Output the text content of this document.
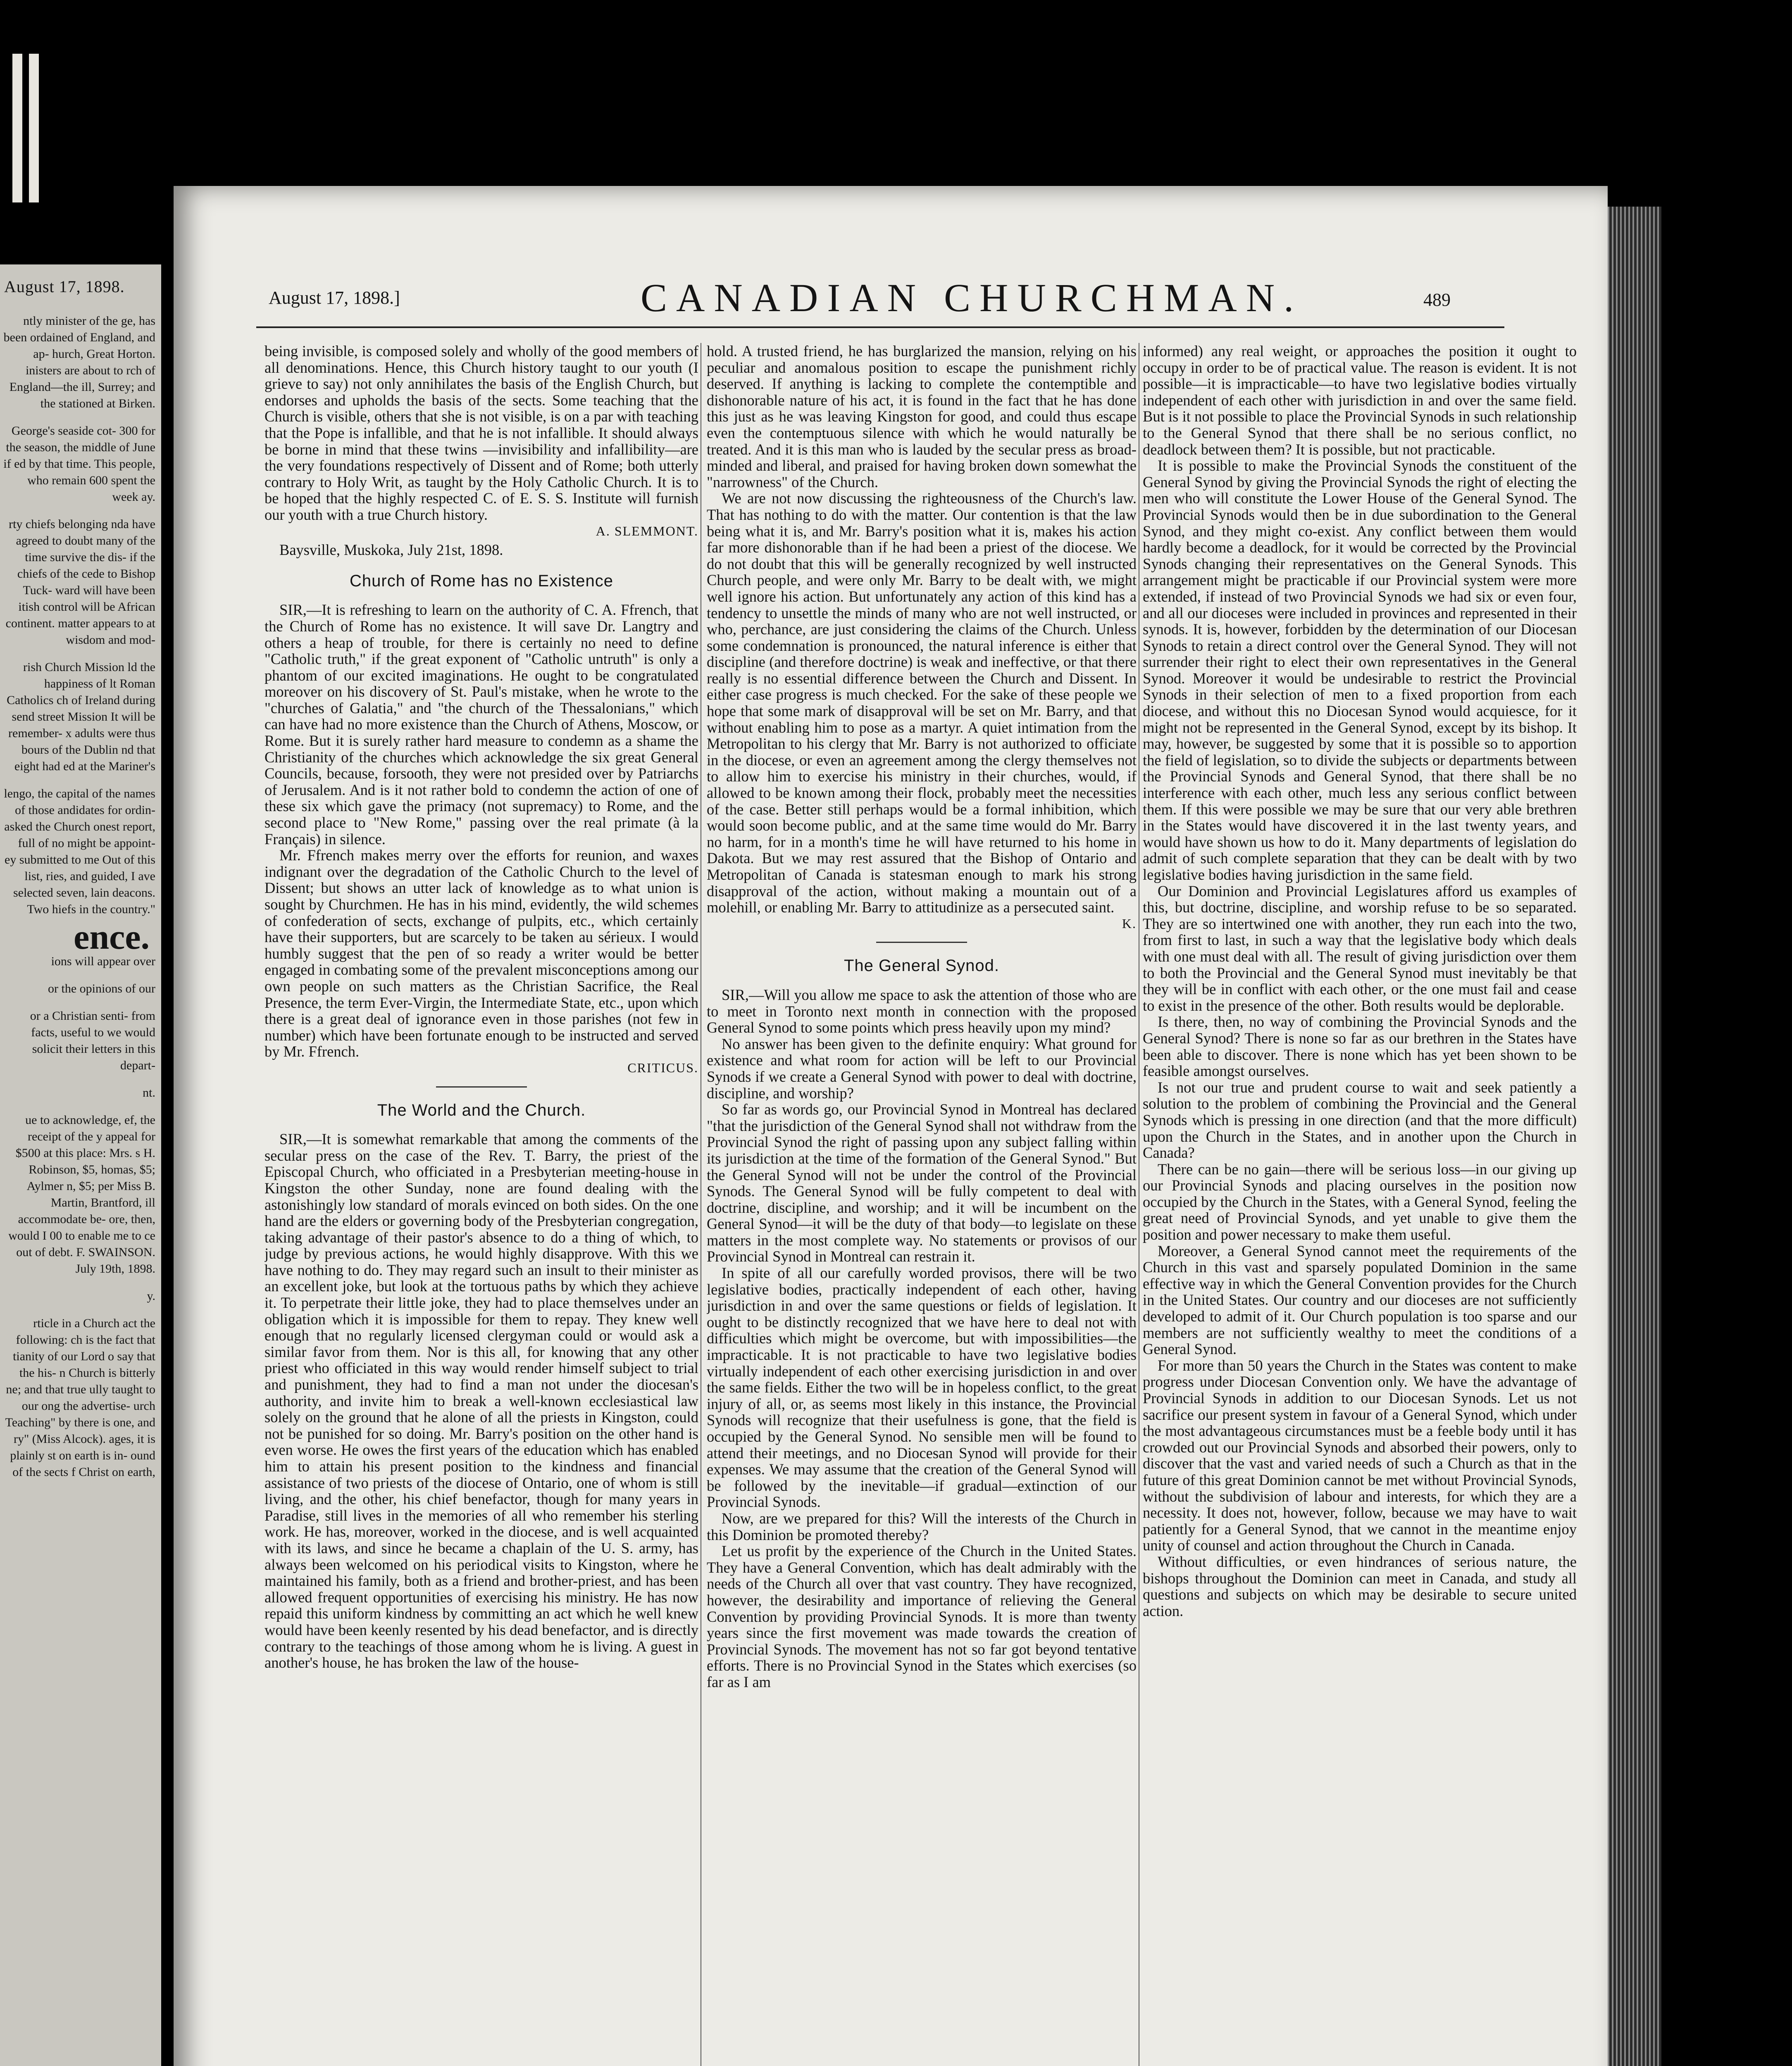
August 17, 1898.

ntly minister of the ge, has been ordained of England, and ap- hurch, Great Horton. inisters are about to rch of England—the ill, Surrey; and the stationed at Birken.

George's seaside cot- 300 for the season, the middle of June if ed by that time. This people, who remain 600 spent the week ay.

rty chiefs belonging nda have agreed to doubt many of the time survive the dis- if the chiefs of the cede to Bishop Tuck- ward will have been itish control will be African continent. matter appears to at wisdom and mod-

rish Church Mission ld the happiness of lt Roman Catholics ch of Ireland during send street Mission It will be remember- x adults were thus bours of the Dublin nd that eight had ed at the Mariner's

lengo, the capital of the names of those andidates for ordin- asked the Church onest report, full of no might be appoint- ey submitted to me Out of this list, ries, and guided, I ave selected seven, lain deacons. Two hiefs in the country."

ence.

ions will appear over

or the opinions of our

or a Christian senti- from facts, useful to we would solicit their letters in this depart-

nt.

ue to acknowledge, ef, the receipt of the y appeal for $500 at this place: Mrs. s H. Robinson, $5, homas, $5; Aylmer n, $5; per Miss B. Martin, Brantford, ill accommodate be- ore, then, would I 00 to enable me to ce out of debt. F. SWAINSON. July 19th, 1898.

y.

rticle in a Church act the following: ch is the fact that tianity of our Lord o say that the his- n Church is bitterly ne; and that true ully taught to our ong the advertise- urch Teaching" by there is one, and ry" (Miss Alcock). ages, it is plainly st on earth is in- ound of the sects f Christ on earth,

August 17, 1898.]	CANADIAN CHURCHMAN.	489

being invisible, is composed solely and wholly of the good members of all denominations. Hence, this Church history taught to our youth (I grieve to say) not only annihilates the basis of the English Church, but endorses and upholds the basis of the sects. Some teaching that the Church is visible, others that she is not visible, is on a par with teaching that the Pope is infallible, and that he is not infallible. It should always be borne in mind that these twins —invisibility and infallibility—are the very foundations respectively of Dissent and of Rome; both utterly contrary to Holy Writ, as taught by the Holy Catholic Church. It is to be hoped that the highly respected C. of E. S. S. Institute will furnish our youth with a true Church history.

A. SLEMMONT.

Baysville, Muskoka, July 21st, 1898.

Church of Rome has no Existence

SIR,—It is refreshing to learn on the authority of C. A. Ffrench, that the Church of Rome has no existence. It will save Dr. Langtry and others a heap of trouble, for there is certainly no need to define "Catholic truth," if the great exponent of "Catholic untruth" is only a phantom of our excited imaginations. He ought to be congratulated moreover on his discovery of St. Paul's mistake, when he wrote to the "churches of Galatia," and "the church of the Thessalonians," which can have had no more existence than the Church of Athens, Moscow, or Rome. But it is surely rather hard measure to condemn as a shame the Christianity of the churches which acknowledge the six great General Councils, because, forsooth, they were not presided over by Patriarchs of Jerusalem. And is it not rather bold to condemn the action of one of these six which gave the primacy (not supremacy) to Rome, and the second place to "New Rome," passing over the real primate (à la Français) in silence.

Mr. Ffrench makes merry over the efforts for reunion, and waxes indignant over the degradation of the Catholic Church to the level of Dissent; but shows an utter lack of knowledge as to what union is sought by Churchmen. He has in his mind, evidently, the wild schemes of confederation of sects, exchange of pulpits, etc., which certainly have their supporters, but are scarcely to be taken au sérieux. I would humbly suggest that the pen of so ready a writer would be better engaged in combating some of the prevalent misconceptions among our own people on such matters as the Christian Sacrifice, the Real Presence, the term Ever-Virgin, the Intermediate State, etc., upon which there is a great deal of ignorance even in those parishes (not few in number) which have been fortunate enough to be instructed and served by Mr. Ffrench.

CRITICUS.

The World and the Church.

SIR,—It is somewhat remarkable that among the comments of the secular press on the case of the Rev. T. Barry, the priest of the Episcopal Church, who officiated in a Presbyterian meeting-house in Kingston the other Sunday, none are found dealing with the astonishingly low standard of morals evinced on both sides. On the one hand are the elders or governing body of the Presbyterian congregation, taking advantage of their pastor's absence to do a thing of which, to judge by previous actions, he would highly disapprove. With this we have nothing to do. They may regard such an insult to their minister as an excellent joke, but look at the tortuous paths by which they achieve it. To perpetrate their little joke, they had to place themselves under an obligation which it is impossible for them to repay. They knew well enough that no regularly licensed clergyman could or would ask a similar favor from them. Nor is this all, for knowing that any other priest who officiated in this way would render himself subject to trial and punishment, they had to find a man not under the diocesan's authority, and invite him to break a well-known ecclesiastical law solely on the ground that he alone of all the priests in Kingston, could not be punished for so doing. Mr. Barry's position on the other hand is even worse. He owes the first years of the education which has enabled him to attain his present position to the kindness and financial assistance of two priests of the diocese of Ontario, one of whom is still living, and the other, his chief benefactor, though for many years in Paradise, still lives in the memories of all who remember his sterling work. He has, moreover, worked in the diocese, and is well acquainted with its laws, and since he became a chaplain of the U. S. army, has always been welcomed on his periodical visits to Kingston, where he maintained his family, both as a friend and brother-priest, and has been allowed frequent opportunities of exercising his ministry. He has now repaid this uniform kindness by committing an act which he well knew would have been keenly resented by his dead benefactor, and is directly contrary to the teachings of those among whom he is living. A guest in another's house, he has broken the law of the house-

hold. A trusted friend, he has burglarized the mansion, relying on his peculiar and anomalous position to escape the punishment richly deserved. If anything is lacking to complete the contemptible and dishonorable nature of his act, it is found in the fact that he has done this just as he was leaving Kingston for good, and could thus escape even the contemptuous silence with which he would naturally be treated. And it is this man who is lauded by the secular press as broad-minded and liberal, and praised for having broken down somewhat the "narrowness" of the Church.

We are not now discussing the righteousness of the Church's law. That has nothing to do with the matter. Our contention is that the law being what it is, and Mr. Barry's position what it is, makes his action far more dishonorable than if he had been a priest of the diocese. We do not doubt that this will be generally recognized by well instructed Church people, and were only Mr. Barry to be dealt with, we might well ignore his action. But unfortunately any action of this kind has a tendency to unsettle the minds of many who are not well instructed, or who, perchance, are just considering the claims of the Church. Unless some condemnation is pronounced, the natural inference is either that discipline (and therefore doctrine) is weak and ineffective, or that there really is no essential difference between the Church and Dissent. In either case progress is much checked. For the sake of these people we hope that some mark of disapproval will be set on Mr. Barry, and that without enabling him to pose as a martyr. A quiet intimation from the Metropolitan to his clergy that Mr. Barry is not authorized to officiate in the diocese, or even an agreement among the clergy themselves not to allow him to exercise his ministry in their churches, would, if allowed to be known among their flock, probably meet the necessities of the case. Better still perhaps would be a formal inhibition, which would soon become public, and at the same time would do Mr. Barry no harm, for in a month's time he will have returned to his home in Dakota. But we may rest assured that the Bishop of Ontario and Metropolitan of Canada is statesman enough to mark his strong disapproval of the action, without making a mountain out of a molehill, or enabling Mr. Barry to attitudinize as a persecuted saint.

K.

The General Synod.

SIR,—Will you allow me space to ask the attention of those who are to meet in Toronto next month in connection with the proposed General Synod to some points which press heavily upon my mind?

No answer has been given to the definite enquiry: What ground for existence and what room for action will be left to our Provincial Synods if we create a General Synod with power to deal with doctrine, discipline, and worship?

So far as words go, our Provincial Synod in Montreal has declared "that the jurisdiction of the General Synod shall not withdraw from the Provincial Synod the right of passing upon any subject falling within its jurisdiction at the time of the formation of the General Synod." But the General Synod will not be under the control of the Provincial Synods. The General Synod will be fully competent to deal with doctrine, discipline, and worship; and it will be incumbent on the General Synod—it will be the duty of that body—to legislate on these matters in the most complete way. No statements or provisos of our Provincial Synod in Montreal can restrain it.

In spite of all our carefully worded provisos, there will be two legislative bodies, practically independent of each other, having jurisdiction in and over the same questions or fields of legislation. It ought to be distinctly recognized that we have here to deal not with difficulties which might be overcome, but with impossibilities—the impracticable. It is not practicable to have two legislative bodies virtually independent of each other exercising jurisdiction in and over the same fields. Either the two will be in hopeless conflict, to the great injury of all, or, as seems most likely in this instance, the Provincial Synods will recognize that their usefulness is gone, that the field is occupied by the General Synod. No sensible men will be found to attend their meetings, and no Diocesan Synod will provide for their expenses. We may assume that the creation of the General Synod will be followed by the inevitable—if gradual—extinction of our Provincial Synods.

Now, are we prepared for this? Will the interests of the Church in this Dominion be promoted thereby?

Let us profit by the experience of the Church in the United States. They have a General Convention, which has dealt admirably with the needs of the Church all over that vast country. They have recognized, however, the desirability and importance of relieving the General Convention by providing Provincial Synods. It is more than twenty years since the first movement was made towards the creation of Provincial Synods. The movement has not so far got beyond tentative efforts. There is no Provincial Synod in the States which exercises (so far as I am

informed) any real weight, or approaches the position it ought to occupy in order to be of practical value. The reason is evident. It is not possible—it is impracticable—to have two legislative bodies virtually independent of each other with jurisdiction in and over the same field. But is it not possible to place the Provincial Synods in such relationship to the General Synod that there shall be no serious conflict, no deadlock between them? It is possible, but not practicable.

It is possible to make the Provincial Synods the constituent of the General Synod by giving the Provincial Synods the right of electing the men who will constitute the Lower House of the General Synod. The Provincial Synods would then be in due subordination to the General Synod, and they might co-exist. Any conflict between them would hardly become a deadlock, for it would be corrected by the Provincial Synods changing their representatives on the General Synods. This arrangement might be practicable if our Provincial system were more extended, if instead of two Provincial Synods we had six or even four, and all our dioceses were included in provinces and represented in their synods. It is, however, forbidden by the determination of our Diocesan Synods to retain a direct control over the General Synod. They will not surrender their right to elect their own representatives in the General Synod. Moreover it would be undesirable to restrict the Provincial Synods in their selection of men to a fixed proportion from each diocese, and without this no Diocesan Synod would acquiesce, for it might not be represented in the General Synod, except by its bishop. It may, however, be suggested by some that it is possible so to apportion the field of legislation, so to divide the subjects or departments between the Provincial Synods and General Synod, that there shall be no interference with each other, much less any serious conflict between them. If this were possible we may be sure that our very able brethren in the States would have discovered it in the last twenty years, and would have shown us how to do it. Many departments of legislation do admit of such complete separation that they can be dealt with by two legislative bodies having jurisdiction in the same field.

Our Dominion and Provincial Legislatures afford us examples of this, but doctrine, discipline, and worship refuse to be so separated. They are so intertwined one with another, they run each into the two, from first to last, in such a way that the legislative body which deals with one must deal with all. The result of giving jurisdiction over them to both the Provincial and the General Synod must inevitably be that they will be in conflict with each other, or the one must fail and cease to exist in the presence of the other. Both results would be deplorable.

Is there, then, no way of combining the Provincial Synods and the General Synod? There is none so far as our brethren in the States have been able to discover. There is none which has yet been shown to be feasible amongst ourselves.

Is not our true and prudent course to wait and seek patiently a solution to the problem of combining the Provincial and the General Synods which is pressing in one direction (and that the more difficult) upon the Church in the States, and in another upon the Church in Canada?

There can be no gain—there will be serious loss—in our giving up our Provincial Synods and placing ourselves in the position now occupied by the Church in the States, with a General Synod, feeling the great need of Provincial Synods, and yet unable to give them the position and power necessary to make them useful.

Moreover, a General Synod cannot meet the requirements of the Church in this vast and sparsely populated Dominion in the same effective way in which the General Convention provides for the Church in the United States. Our country and our dioceses are not sufficiently developed to admit of it. Our Church population is too sparse and our members are not sufficiently wealthy to meet the conditions of a General Synod.

For more than 50 years the Church in the States was content to make progress under Diocesan Convention only. We have the advantage of Provincial Synods in addition to our Diocesan Synods. Let us not sacrifice our present system in favour of a General Synod, which under the most advantageous circumstances must be a feeble body until it has crowded out our Provincial Synods and absorbed their powers, only to discover that the vast and varied needs of such a Church as that in the future of this great Dominion cannot be met without Provincial Synods, without the subdivision of labour and interests, for which they are a necessity. It does not, however, follow, because we may have to wait patiently for a General Synod, that we cannot in the meantime enjoy unity of counsel and action throughout the Church in Canada.

Without difficulties, or even hindrances of serious nature, the bishops throughout the Dominion can meet in Canada, and study all questions and subjects on which may be desirable to secure united action.
